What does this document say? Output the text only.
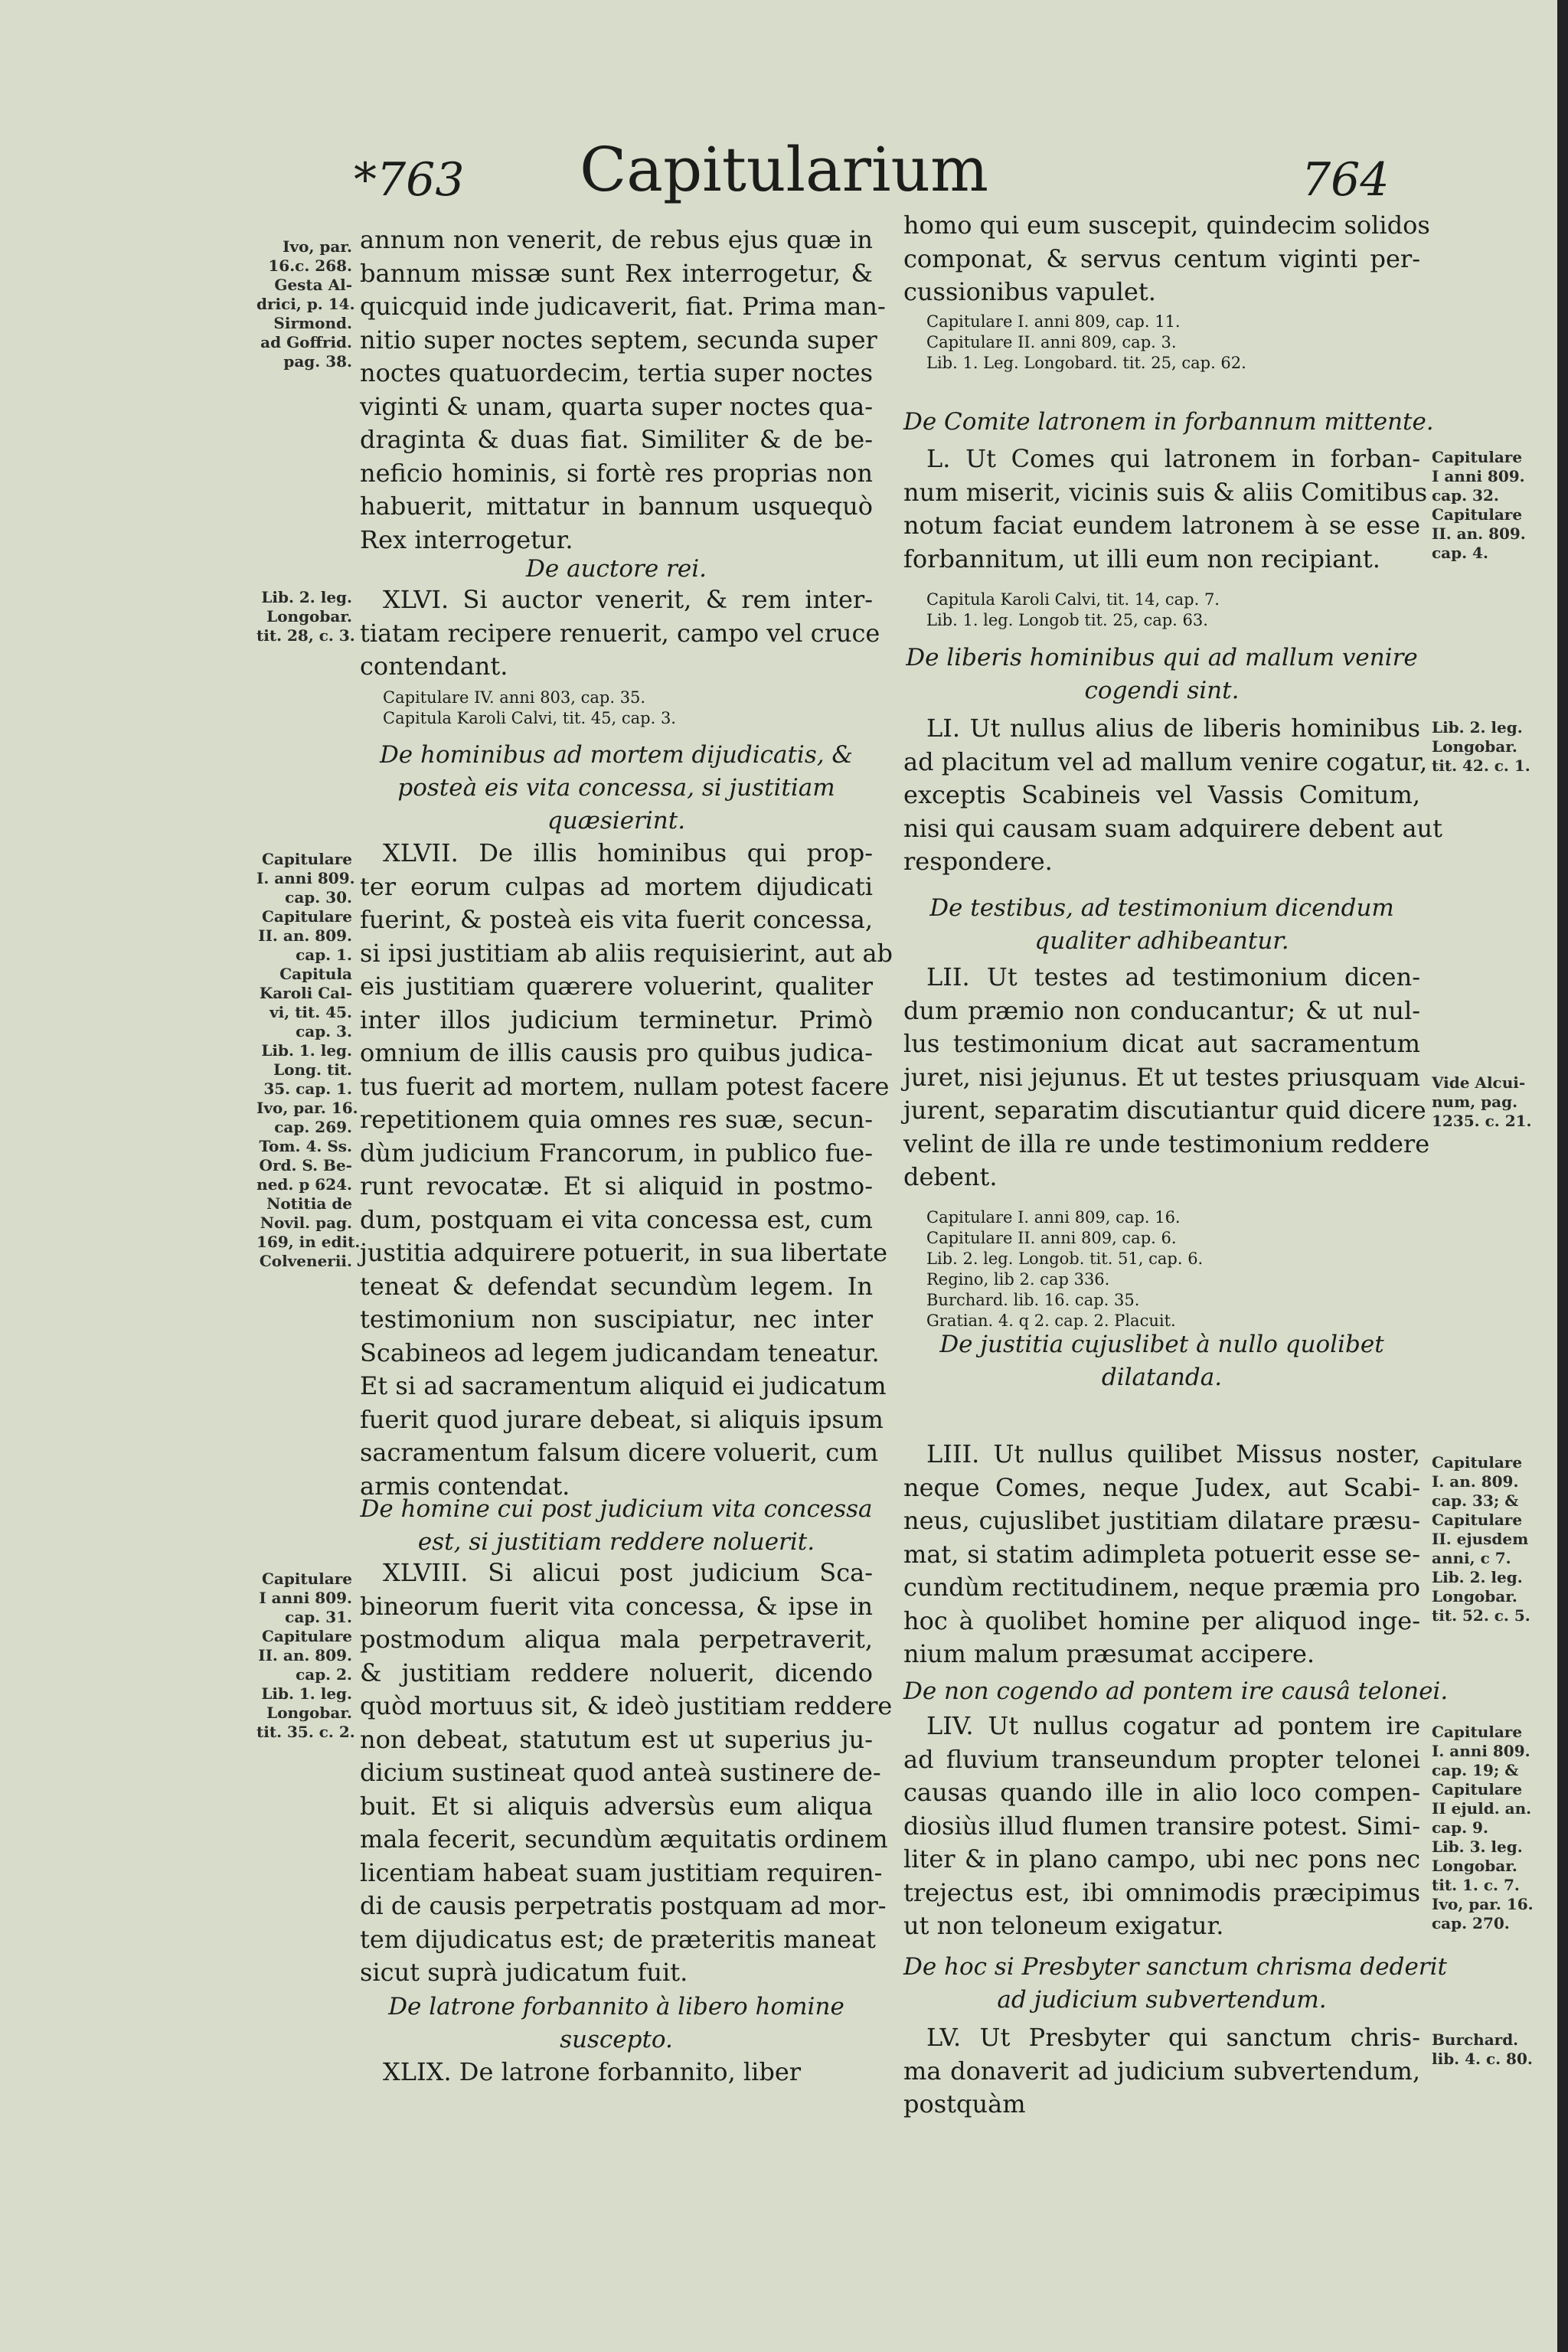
*763	Capitularium	764
Ivo, par.
16.c. 268.
Gesta Al-
drici, p. 14.
Sirmond.
ad Goffrid.
pag. 38.
Lib. 2. leg.
Longobar.
tit. 28, c. 3.
Capitulare
I. anni 809.
cap. 30.
Capitulare
II. an. 809.
cap. 1.
Capitula
Karoli Cal-
vi, tit. 45.
cap. 3.
Lib. 1. leg.
Long. tit.
35. cap. 1.
Ivo, par. 16.
cap. 269.
Tom. 4. Ss.
Ord. S. Be-
ned. p 624.
Notitia de
Novil. pag.
169, in edit.
Colvenerii.
Capitulare
I anni 809.
cap. 31.
Capitulare
II. an. 809.
cap. 2.
Lib. 1. leg.
Longobar.
tit. 35. c. 2.
annum non venerit, de rebus ejus quæ in
bannum missæ sunt Rex interrogetur, &
quicquid inde judicaverit, fiat. Prima man-
nitio super noctes septem, secunda super
noctes quatuordecim, tertia super noctes
viginti & unam, quarta super noctes qua-
draginta & duas fiat. Similiter & de be-
neficio hominis, si fortè res proprias non
habuerit, mittatur in bannum usquequò
Rex interrogetur.
De auctore rei.
XLVI. Si auctor venerit, & rem inter-
tiatam recipere renuerit, campo vel cruce
contendant.
Capitulare IV. anni 803, cap. 35.
Capitula Karoli Calvi, tit. 45, cap. 3.
De hominibus ad mortem dijudicatis, &
posteà eis vita concessa, si justitiam
quæsierint.
XLVII. De illis hominibus qui prop-
ter eorum culpas ad mortem dijudicati
fuerint, & posteà eis vita fuerit concessa,
si ipsi justitiam ab aliis requisierint, aut ab
eis justitiam quærere voluerint, qualiter
inter illos judicium terminetur. Primò
omnium de illis causis pro quibus judica-
tus fuerit ad mortem, nullam potest facere
repetitionem quia omnes res suæ, secun-
dùm judicium Francorum, in publico fue-
runt revocatæ. Et si aliquid in postmo-
dum, postquam ei vita concessa est, cum
justitia adquirere potuerit, in sua libertate
teneat & defendat secundùm legem. In
testimonium non suscipiatur, nec inter
Scabineos ad legem judicandam teneatur.
Et si ad sacramentum aliquid ei judicatum
fuerit quod jurare debeat, si aliquis ipsum
sacramentum falsum dicere voluerit, cum
armis contendat.
De homine cui post judicium vita concessa
est, si justitiam reddere noluerit.
XLVIII. Si alicui post judicium Sca-
bineorum fuerit vita concessa, & ipse in
postmodum aliqua mala perpetraverit,
& justitiam reddere noluerit, dicendo
quòd mortuus sit, & ideò justitiam reddere
non debeat, statutum est ut superius ju-
dicium sustineat quod anteà sustinere de-
buit. Et si aliquis adversùs eum aliqua
mala fecerit, secundùm æquitatis ordinem
licentiam habeat suam justitiam requiren-
di de causis perpetratis postquam ad mor-
tem dijudicatus est; de præteritis maneat
sicut suprà judicatum fuit.
De latrone forbannito à libero homine
suscepto.
XLIX. De latrone forbannito, liber
homo qui eum suscepit, quindecim solidos
componat, & servus centum viginti per-
cussionibus vapulet.
Capitulare I. anni 809, cap. 11.
Capitulare II. anni 809, cap. 3.
Lib. 1. Leg. Longobard. tit. 25, cap. 62.
De Comite latronem in forbannum mittente.
L. Ut Comes qui latronem in forban-
num miserit, vicinis suis & aliis Comitibus
notum faciat eundem latronem à se esse
forbannitum, ut illi eum non recipiant.
Capitula Karoli Calvi, tit. 14, cap. 7.
Lib. 1. leg. Longob tit. 25, cap. 63.
De liberis hominibus qui ad mallum venire
cogendi sint.
LI. Ut nullus alius de liberis hominibus
ad placitum vel ad mallum venire cogatur,
exceptis Scabineis vel Vassis Comitum,
nisi qui causam suam adquirere debent aut
respondere.
De testibus, ad testimonium dicendum
qualiter adhibeantur.
LII. Ut testes ad testimonium dicen-
dum præmio non conducantur; & ut nul-
lus testimonium dicat aut sacramentum
juret, nisi jejunus. Et ut testes priusquam
jurent, separatim discutiantur quid dicere
velint de illa re unde testimonium reddere
debent.
Capitulare I. anni 809, cap. 16.
Capitulare II. anni 809, cap. 6.
Lib. 2. leg. Longob. tit. 51, cap. 6.
Regino, lib 2. cap 336.
Burchard. lib. 16. cap. 35.
Gratian. 4. q 2. cap. 2. Placuit.
De justitia cujuslibet à nullo quolibet
dilatanda.
LIII. Ut nullus quilibet Missus noster,
neque Comes, neque Judex, aut Scabi-
neus, cujuslibet justitiam dilatare præsu-
mat, si statim adimpleta potuerit esse se-
cundùm rectitudinem, neque præmia pro
hoc à quolibet homine per aliquod inge-
nium malum præsumat accipere.
De non cogendo ad pontem ire causâ telonei.
LIV. Ut nullus cogatur ad pontem ire
ad fluvium transeundum propter telonei
causas quando ille in alio loco compen-
diosiùs illud flumen transire potest. Simi-
liter & in plano campo, ubi nec pons nec
trejectus est, ibi omnimodis præcipimus
ut non teloneum exigatur.
De hoc si Presbyter sanctum chrisma dederit
ad judicium subvertendum.
LV. Ut Presbyter qui sanctum chris-
ma donaverit ad judicium subvertendum,
postquàm
Capitulare
I anni 809.
cap. 32.
Capitulare
II. an. 809.
cap. 4.
Lib. 2. leg.
Longobar.
tit. 42. c. 1.
Vide Alcui-
num, pag.
1235. c. 21.
Capitulare
I. an. 809.
cap. 33; &
Capitulare
II. ejusdem
anni, c 7.
Lib. 2. leg.
Longobar.
tit. 52. c. 5.
Capitulare
I. anni 809.
cap. 19; &
Capitulare
II ejuld. an.
cap. 9.
Lib. 3. leg.
Longobar.
tit. 1. c. 7.
Ivo, par. 16.
cap. 270.
Burchard.
lib. 4. c. 80.
